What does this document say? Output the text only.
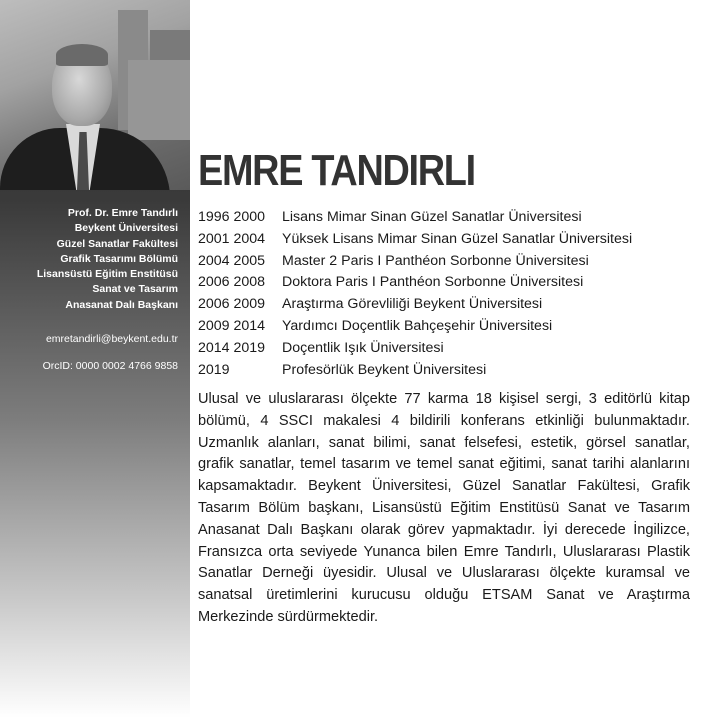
Prof. Dr. Emre Tandırlı
Beykent Üniversitesi
Güzel Sanatlar Fakültesi
Grafik Tasarımı Bölümü
Lisansüstü Eğitim Enstitüsü
Sanat ve Tasarım
Anasanat Dalı Başkanı
emretandirli@beykent.edu.tr
OrcID: 0000 0002 4766 9858
EMRE TANDIRLI
1996 2000 Lisans Mimar Sinan Güzel Sanatlar Üniversitesi
2001 2004 Yüksek Lisans Mimar Sinan Güzel Sanatlar Üniversitesi
2004 2005 Master 2 Paris I Panthéon Sorbonne Üniversitesi
2006 2008 Doktora Paris I Panthéon Sorbonne Üniversitesi
2006 2009 Araştırma Görevliliği Beykent Üniversitesi
2009 2014 Yardımcı Doçentlik Bahçeşehir Üniversitesi
2014 2019 Doçentlik Işık Üniversitesi
2019	Profesörlük Beykent Üniversitesi
Ulusal ve uluslararası ölçekte 77 karma 18 kişisel sergi, 3 editörlü kitap bölümü, 4 SSCI makalesi 4 bildirili konferans etkinliği bulunmaktadır. Uzmanlık alanları, sanat bilimi, sanat felsefesi, estetik, görsel sanatlar, grafik sanatlar, temel tasarım ve temel sanat eğitimi, sanat tarihi alanlarını kapsamaktadır. Beykent Üniversitesi, Güzel Sanatlar Fakültesi, Grafik Tasarım Bölüm başkanı, Lisansüstü Eğitim Enstitüsü Sanat ve Tasarım Anasanat Dalı Başkanı olarak görev yapmaktadır. İyi derecede İngilizce, Fransızca orta seviyede Yunanca bilen Emre Tandırlı, Uluslararası Plastik Sanatlar Derneği üyesidir. Ulusal ve Uluslararası ölçekte kuramsal ve sanatsal üretimlerini kurucusu olduğu ETSAM Sanat ve Araştırma Merkezinde sürdürmektedir.
